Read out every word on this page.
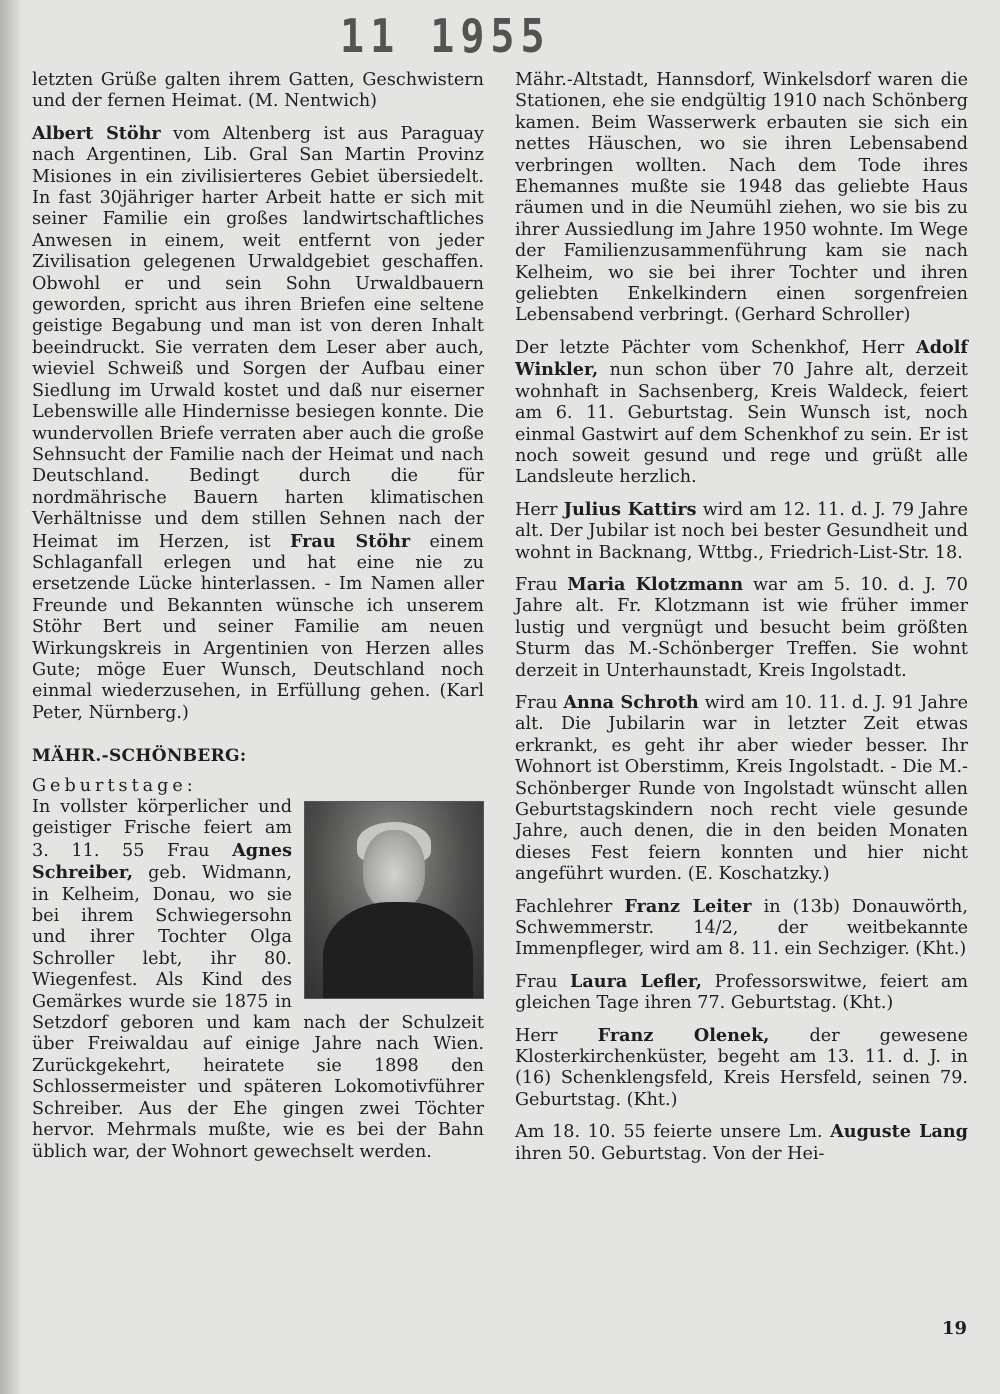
11 1955

letzten Grüße galten ihrem Gatten, Geschwistern und der fernen Heimat. (M. Nentwich)

Albert Stöhr vom Altenberg ist aus Paraguay nach Argentinen, Lib. Gral San Martin Provinz Misiones in ein zivilisierteres Gebiet übersiedelt. In fast 30jähriger harter Arbeit hatte er sich mit seiner Familie ein großes landwirtschaftliches Anwesen in einem, weit entfernt von jeder Zivilisation gelegenen Urwaldgebiet geschaffen. Obwohl er und sein Sohn Urwaldbauern geworden, spricht aus ihren Briefen eine seltene geistige Begabung und man ist von deren Inhalt beeindruckt. Sie verraten dem Leser aber auch, wieviel Schweiß und Sorgen der Aufbau einer Siedlung im Urwald kostet und daß nur eiserner Lebenswille alle Hindernisse besiegen konnte. Die wundervollen Briefe verraten aber auch die große Sehnsucht der Familie nach der Heimat und nach Deutschland. Bedingt durch die für nordmährische Bauern harten klimatischen Verhältnisse und dem stillen Sehnen nach der Heimat im Herzen, ist Frau Stöhr einem Schlaganfall erlegen und hat eine nie zu ersetzende Lücke hinterlassen. - Im Namen aller Freunde und Bekannten wünsche ich unserem Stöhr Bert und seiner Familie am neuen Wirkungskreis in Argentinien von Herzen alles Gute; möge Euer Wunsch, Deutschland noch einmal wiederzusehen, in Erfüllung gehen. (Karl Peter, Nürnberg.)

MÄHR.-SCHÖNBERG:
Geburtstage:

In vollster körperlicher und geistiger Frische feiert am 3. 11. 55 Frau Agnes Schreiber, geb. Widmann, in Kelheim, Donau, wo sie bei ihrem Schwiegersohn und ihrer Tochter Olga Schroller lebt, ihr 80. Wiegenfest. Als Kind des Gemärkes wurde sie 1875 in Setzdorf geboren und kam nach der Schulzeit über Freiwaldau auf einige Jahre nach Wien. Zurückgekehrt, heiratete sie 1898 den Schlossermeister und späteren Lokomotivführer Schreiber. Aus der Ehe gingen zwei Töchter hervor. Mehrmals mußte, wie es bei der Bahn üblich war, der Wohnort gewechselt werden.

Mähr.-Altstadt, Hannsdorf, Winkelsdorf waren die Stationen, ehe sie endgültig 1910 nach Schönberg kamen. Beim Wasserwerk erbauten sie sich ein nettes Häuschen, wo sie ihren Lebensabend verbringen wollten. Nach dem Tode ihres Ehemannes mußte sie 1948 das geliebte Haus räumen und in die Neumühl ziehen, wo sie bis zu ihrer Aussiedlung im Jahre 1950 wohnte. Im Wege der Familienzusammenführung kam sie nach Kelheim, wo sie bei ihrer Tochter und ihren geliebten Enkelkindern einen sorgenfreien Lebensabend verbringt. (Gerhard Schroller)

Der letzte Pächter vom Schenkhof, Herr Adolf Winkler, nun schon über 70 Jahre alt, derzeit wohnhaft in Sachsenberg, Kreis Waldeck, feiert am 6. 11. Geburtstag. Sein Wunsch ist, noch einmal Gastwirt auf dem Schenkhof zu sein. Er ist noch soweit gesund und rege und grüßt alle Landsleute herzlich.

Herr Julius Kattirs wird am 12. 11. d. J. 79 Jahre alt. Der Jubilar ist noch bei bester Gesundheit und wohnt in Backnang, Wttbg., Friedrich-List-Str. 18.

Frau Maria Klotzmann war am 5. 10. d. J. 70 Jahre alt. Fr. Klotzmann ist wie früher immer lustig und vergnügt und besucht beim größten Sturm das M.-Schönberger Treffen. Sie wohnt derzeit in Unterhaunstadt, Kreis Ingolstadt.

Frau Anna Schroth wird am 10. 11. d. J. 91 Jahre alt. Die Jubilarin war in letzter Zeit etwas erkrankt, es geht ihr aber wieder besser. Ihr Wohnort ist Oberstimm, Kreis Ingolstadt. - Die M.-Schönberger Runde von Ingolstadt wünscht allen Geburtstagskindern noch recht viele gesunde Jahre, auch denen, die in den beiden Monaten dieses Fest feiern konnten und hier nicht angeführt wurden. (E. Koschatzky.)

Fachlehrer Franz Leiter in (13b) Donauwörth, Schwemmerstr. 14/2, der weitbekannte Immenpfleger, wird am 8. 11. ein Sechziger. (Kht.)

Frau Laura Lefler, Professorswitwe, feiert am gleichen Tage ihren 77. Geburtstag. (Kht.)

Herr Franz Olenek, der gewesene Klosterkirchenküster, begeht am 13. 11. d. J. in (16) Schenklengsfeld, Kreis Hersfeld, seinen 79. Geburtstag. (Kht.)

Am 18. 10. 55 feierte unsere Lm. Auguste Lang ihren 50. Geburtstag. Von der Hei-

19
